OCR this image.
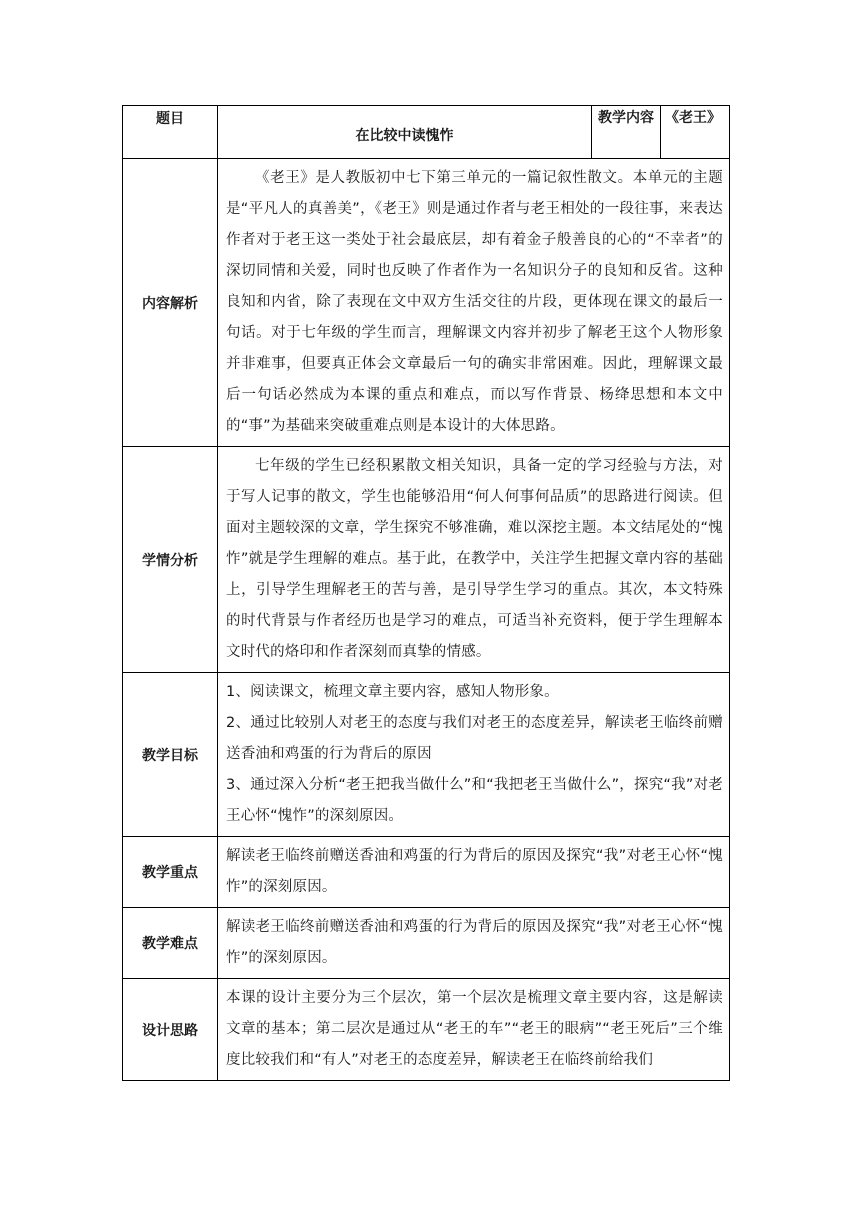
题目	在比较中读愧怍	教学内容	《老王》
内容解析	《老王》是人教版初中七下第三单元的一篇记叙性散文。本单元的主题是“平凡人的真善美”，《老王》则是通过作者与老王相处的一段往事，来表达作者对于老王这一类处于社会最底层，却有着金子般善良的心的“不幸者”的深切同情和关爱，同时也反映了作者作为一名知识分子的良知和反省。这种良知和内省，除了表现在文中双方生活交往的片段，更体现在课文的最后一句话。对于七年级的学生而言，理解课文内容并初步了解老王这个人物形象并非难事，但要真正体会文章最后一句的确实非常困难。因此，理解课文最后一句话必然成为本课的重点和难点，而以写作背景、杨绛思想和本文中的“事”为基础来突破重难点则是本设计的大体思路。		

学情分析	七年级的学生已经积累散文相关知识，具备一定的学习经验与方法，对于写人记事的散文，学生也能够沿用“何人何事何品质”的思路进行阅读。但面对主题较深的文章，学生探究不够准确，难以深挖主题。本文结尾处的“愧怍”就是学生理解的难点。基于此，在教学中，关注学生把握文章内容的基础上，引导学生理解老王的苦与善，是引导学生学习的重点。其次，本文特殊的时代背景与作者经历也是学习的难点，可适当补充资料，便于学生理解本文时代的烙印和作者深刻而真挚的情感。		

教学目标	1、阅读课文，梳理文章主要内容，感知人物形象。

2、通过比较别人对老王的态度与我们对老王的态度差异，解读老王临终前赠送香油和鸡蛋的行为背后的原因

3、通过深入分析“老王把我当做什么”和“我把老王当做什么”，探究“我”对老王心怀“愧怍”的深刻原因。		

教学重点	解读老王临终前赠送香油和鸡蛋的行为背后的原因及探究“我”对老王心怀“愧怍”的深刻原因。		

教学难点	解读老王临终前赠送香油和鸡蛋的行为背后的原因及探究“我”对老王心怀“愧怍”的深刻原因。		

设计思路	本课的设计主要分为三个层次，第一个层次是梳理文章主要内容，这是解读文章的基本；第二层次是通过从“老王的车”“老王的眼病”“老王死后”三个维度比较我们和“有人”对老王的态度差异，解读老王在临终前给我们		
